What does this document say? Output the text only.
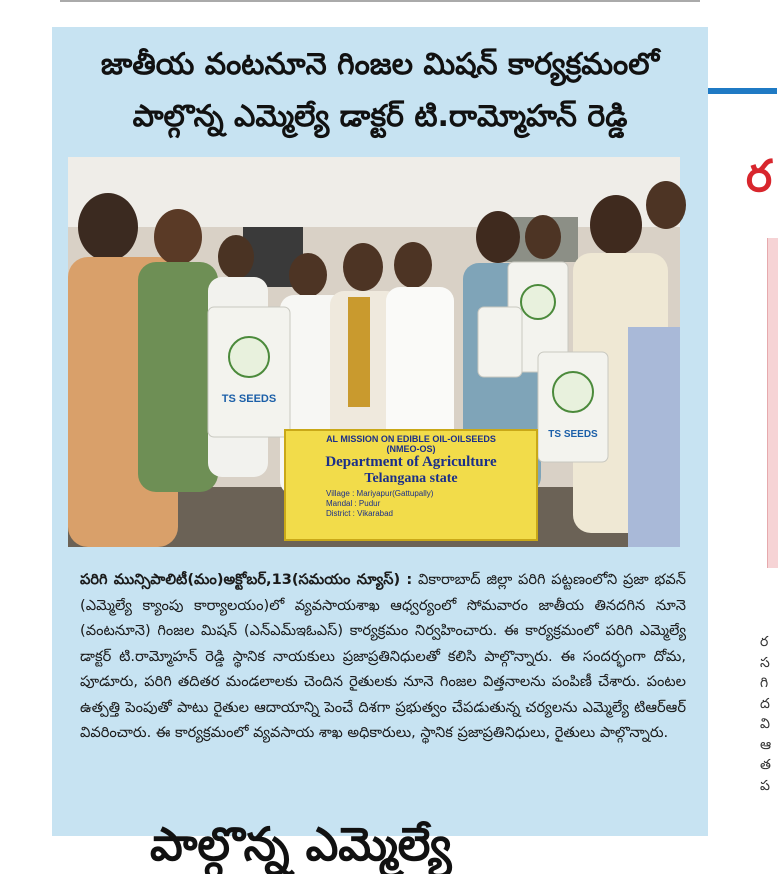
జాతీయ వంటనూనె గింజల మిషన్ కార్యక్రమంలో
పాల్గొన్న ఎమ్మెల్యే డాక్టర్ టి.రామ్మోహన్ రెడ్డి
TS SEEDS
TS SEEDS
AL MISSION ON EDIBLE OIL-OILSEEDS
(NMEO-OS)
Department of Agriculture
Telangana state
Village : Mariyapur(Gattupally)
Mandal : Pudur
District : Vikarabad

పరిగి మున్సిపాలిటీ(మం)అక్టోబర్,13(సమయం న్యూస్) : వికారాబాద్ జిల్లా పరిగి పట్టణంలోని ప్రజా భవన్ (ఎమ్మెల్యే క్యాంపు కార్యాలయం)లో వ్యవసాయశాఖ ఆధ్వర్యంలో సోమవారం జాతీయ తినదగిన నూనె (వంటనూనె) గింజల మిషన్ (ఎన్ఎమ్ఇఓఎస్) కార్యక్రమం నిర్వహించారు. ఈ కార్యక్రమంలో పరిగి ఎమ్మెల్యే డాక్టర్ టి.రామ్మోహన్ రెడ్డి స్థానిక నాయకులు ప్రజాప్రతినిధులతో కలిసి పాల్గొన్నారు. ఈ సందర్భంగా దోమ, పూడూరు, పరిగి తదితర మండలాలకు చెందిన రైతులకు నూనె గింజల విత్తనాలను పంపిణీ చేశారు. పంటల ఉత్పత్తి పెంపుతో పాటు రైతుల ఆదాయాన్ని పెంచే దిశగా ప్రభుత్వం చేపడుతున్న చర్యలను ఎమ్మెల్యే టిఆర్ఆర్ వివరించారు. ఈ కార్యక్రమంలో వ్యవసాయ శాఖ అధికారులు, స్థానిక ప్రజాప్రతినిధులు, రైతులు పాల్గొన్నారు.

పాల్గొన్న ఎమ్మెల్యే
ర
ర
స
గి
ద
వి
ఆ
త
ప
